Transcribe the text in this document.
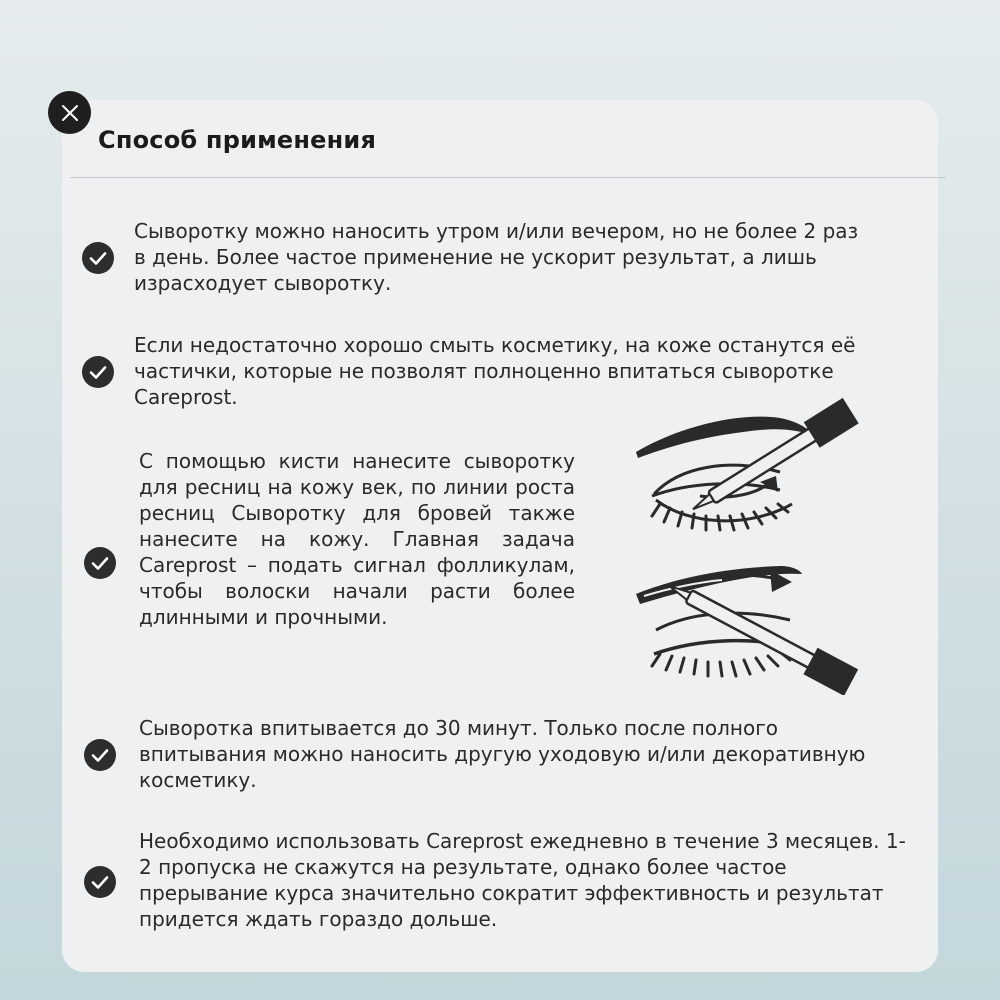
Способ применения
Сыворотку можно наносить утром и/или вечером, но не более 2 раз в день. Более частое применение не ускорит результат, а лишь израсходует сыворотку.
Если недостаточно хорошо смыть косметику, на коже останутся её частички, которые не позволят полноценно впитаться сыворотке Careprost.
С помощью кисти нанесите сыворотку для ресниц на кожу век, по линии роста ресниц Сыворотку для бровей также нанесите на кожу. Главная задача Careprost – подать сигнал фолликулам, чтобы волоски начали расти более длинными и прочными.
Сыворотка впитывается до 30 минут. Только после полного впитывания можно наносить другую уходовую и/или декоративную косметику.
Необходимо использовать Careprost ежедневно в течение 3 месяцев. 1-2 пропуска не скажутся на результате, однако более частое прерывание курса значительно сократит эффективность и результат придется ждать гораздо дольше.
